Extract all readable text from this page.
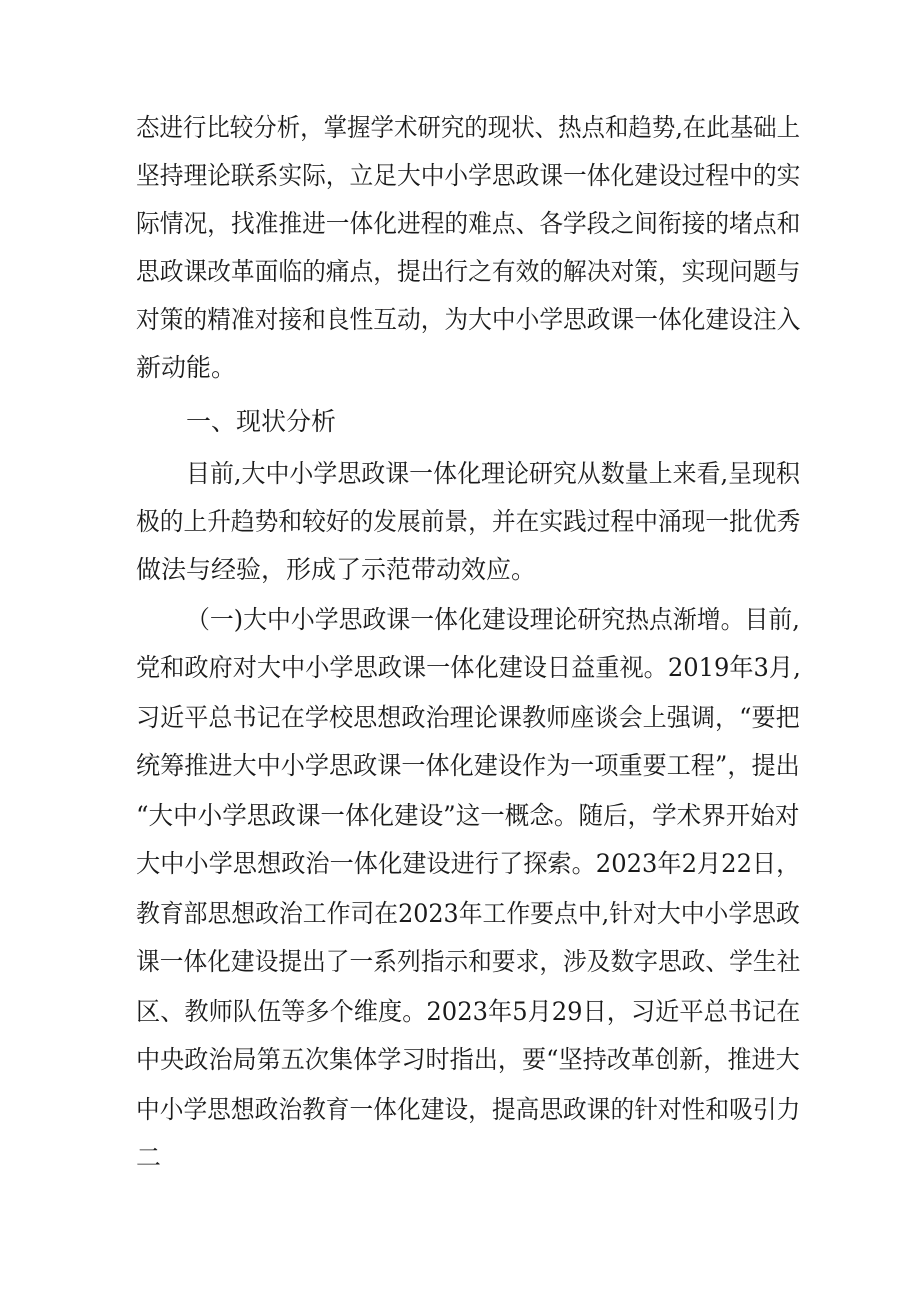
态进行比较分析，掌握学术研究的现状、热点和趋势,在此基础上
坚持理论联系实际，立足大中小学思政课一体化建设过程中的实
际情况，找准推进一体化进程的难点、各学段之间衔接的堵点和
思政课改革面临的痛点，提出行之有效的解决对策，实现问题与
对策的精准对接和良性互动，为大中小学思政课一体化建设注入
新动能。
一、现状分析
目前,大中小学思政课一体化理论研究从数量上来看,呈现积
极的上升趋势和较好的发展前景，并在实践过程中涌现一批优秀
做法与经验，形成了示范带动效应。
（一)大中小学思政课一体化建设理论研究热点渐增。目前,
党和政府对大中小学思政课一体化建设日益重视。2019年3月,
习近平总书记在学校思想政治理论课教师座谈会上强调，“要把
统筹推进大中小学思政课一体化建设作为一项重要工程”，提出
“大中小学思政课一体化建设”这一概念。随后，学术界开始对
大中小学思想政治一体化建设进行了探索。2023年2月22日，
教育部思想政治工作司在2023年工作要点中,针对大中小学思政
课一体化建设提出了一系列指示和要求，涉及数字思政、学生社
区、教师队伍等多个维度。2023年5月29日，习近平总书记在
中央政治局第五次集体学习时指出，要“坚持改革创新，推进大
中小学思想政治教育一体化建设，提高思政课的针对性和吸引力
二
